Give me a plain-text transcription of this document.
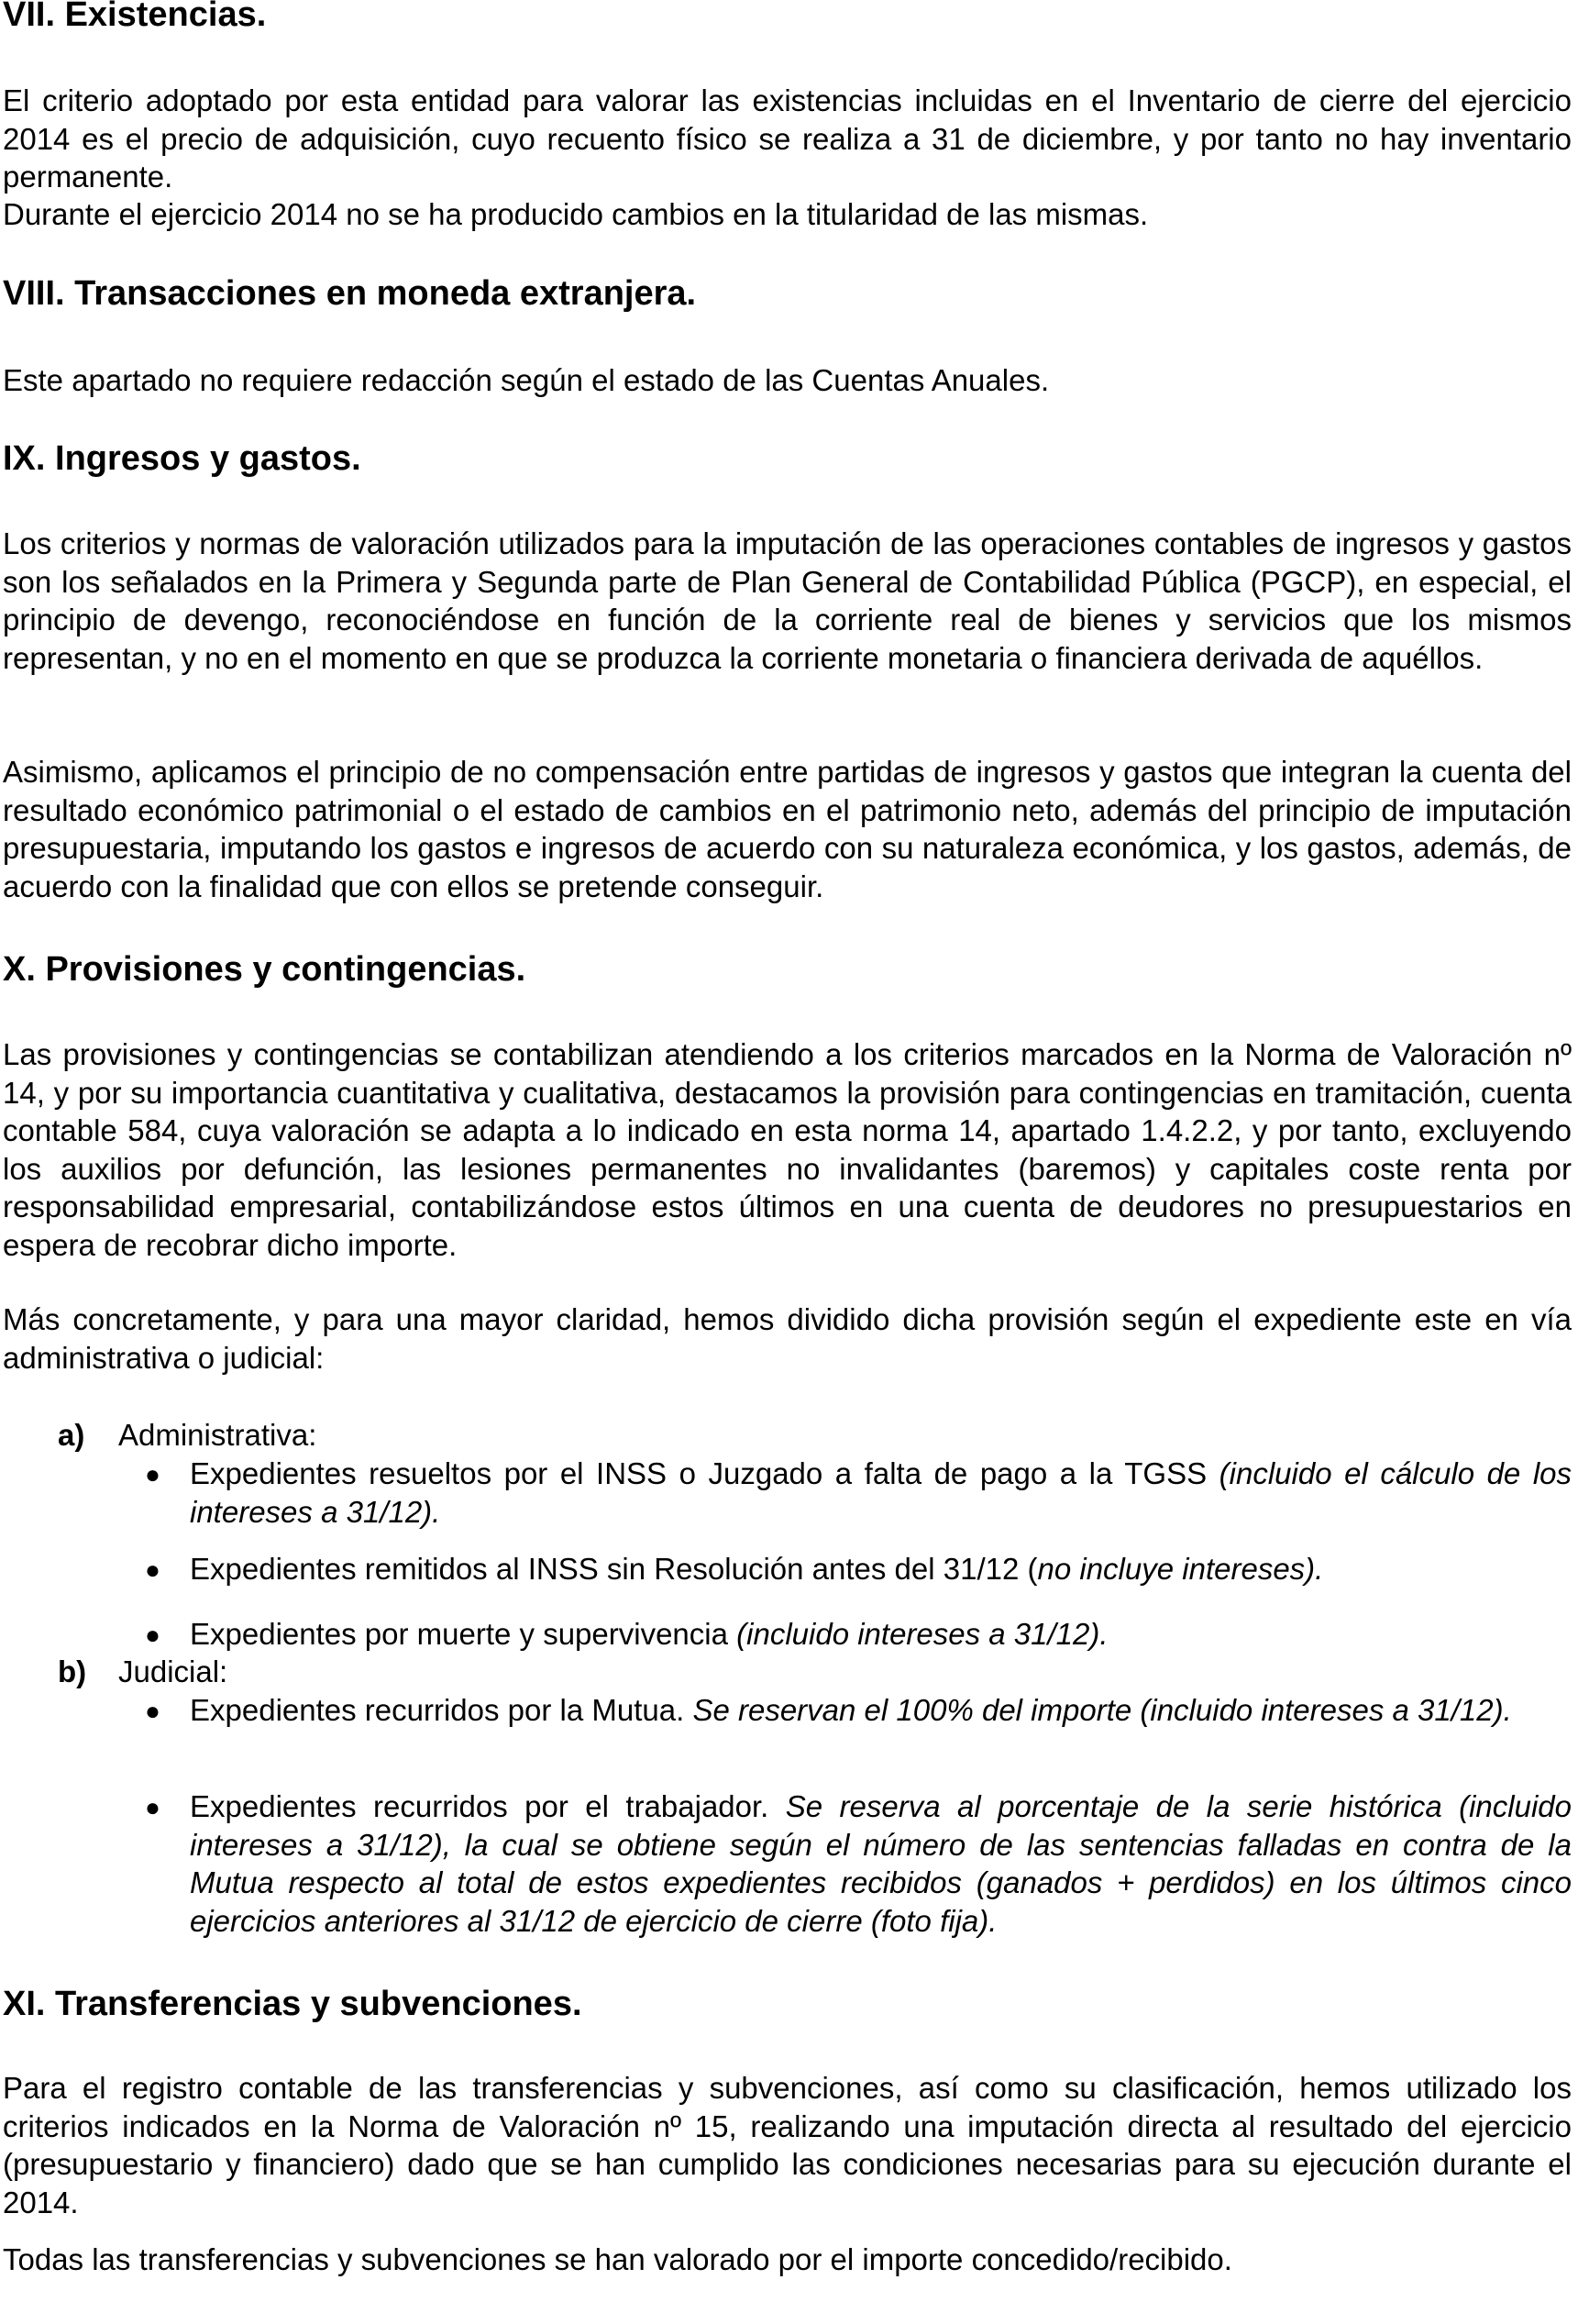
VII. Existencias.

El criterio adoptado por esta entidad para valorar las existencias incluidas en el Inventario de cierre del ejercicio 2014 es el precio de adquisición, cuyo recuento físico se realiza a 31 de diciembre, y por tanto no hay inventario permanente.

Durante el ejercicio 2014 no se ha producido cambios en la titularidad de las mismas.

VIII. Transacciones en moneda extranjera.

Este apartado no requiere redacción según el estado de las Cuentas Anuales.

IX. Ingresos y gastos.

Los criterios y normas de valoración utilizados para la imputación de las operaciones contables de ingresos y gastos son los señalados en la Primera y Segunda parte de Plan General de Contabilidad Pública (PGCP), en especial, el principio de devengo, reconociéndose en función de la corriente real de bienes y servicios que los mismos representan, y no en el momento en que se produzca la corriente monetaria o financiera derivada de aquéllos.

Asimismo, aplicamos el principio de no compensación entre partidas de ingresos y gastos que integran la cuenta del resultado económico patrimonial o el estado de cambios en el patrimonio neto, además del principio de imputación presupuestaria, imputando los gastos e ingresos de acuerdo con su naturaleza económica, y los gastos, además, de acuerdo con la finalidad que con ellos se pretende conseguir.

X. Provisiones y contingencias.

Las provisiones y contingencias se contabilizan atendiendo a los criterios marcados en la Norma de Valoración nº 14, y por su importancia cuantitativa y cualitativa, destacamos la provisión para contingencias en tramitación, cuenta contable 584, cuya valoración se adapta a lo indicado en esta norma 14, apartado 1.4.2.2, y por tanto, excluyendo los auxilios por defunción, las lesiones permanentes no invalidantes (baremos) y capitales coste renta por responsabilidad empresarial, contabilizándose estos últimos en una cuenta de deudores no presupuestarios en espera de recobrar dicho importe.

Más concretamente, y para una mayor claridad, hemos dividido dicha provisión según el expediente este en vía administrativa o judicial:

a) Administrativa:
● Expedientes resueltos por el INSS o Juzgado a falta de pago a la TGSS (incluido el cálculo de los intereses a 31/12).

● Expedientes remitidos al INSS sin Resolución antes del 31/12 (no incluye intereses).

● Expedientes por muerte y supervivencia (incluido intereses a 31/12).

b) Judicial:
● Expedientes recurridos por la Mutua. Se reservan el 100% del importe (incluido intereses a 31/12).

● Expedientes recurridos por el trabajador. Se reserva al porcentaje de la serie histórica (incluido intereses a 31/12), la cual se obtiene según el número de las sentencias falladas en contra de la Mutua respecto al total de estos expedientes recibidos (ganados + perdidos) en los últimos cinco ejercicios anteriores al 31/12 de ejercicio de cierre (foto fija).

XI. Transferencias y subvenciones.

Para el registro contable de las transferencias y subvenciones, así como su clasificación, hemos utilizado los criterios indicados en la Norma de Valoración nº 15, realizando una imputación directa al resultado del ejercicio (presupuestario y financiero) dado que se han cumplido las condiciones necesarias para su ejecución durante el 2014.

Todas las transferencias y subvenciones se han valorado por el importe concedido/recibido.
